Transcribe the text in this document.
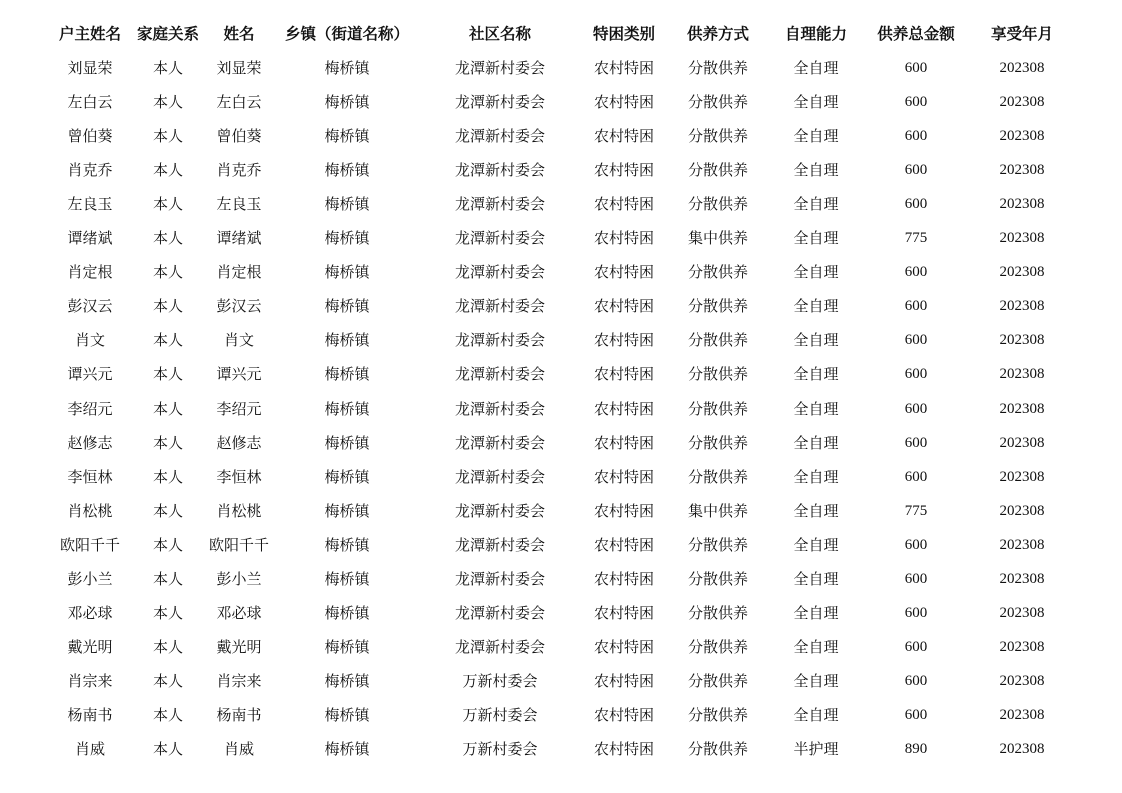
户主姓名	家庭关系	姓名	乡镇（街道名称）	社区名称	特困类别	供养方式	自理能力	供养总金额	享受年月
刘显荣	本人	刘显荣	梅桥镇	龙潭新村委会	农村特困	分散供养	全自理	600	202308
左白云	本人	左白云	梅桥镇	龙潭新村委会	农村特困	分散供养	全自理	600	202308
曾伯葵	本人	曾伯葵	梅桥镇	龙潭新村委会	农村特困	分散供养	全自理	600	202308
肖克乔	本人	肖克乔	梅桥镇	龙潭新村委会	农村特困	分散供养	全自理	600	202308
左良玉	本人	左良玉	梅桥镇	龙潭新村委会	农村特困	分散供养	全自理	600	202308
谭绪斌	本人	谭绪斌	梅桥镇	龙潭新村委会	农村特困	集中供养	全自理	775	202308
肖定根	本人	肖定根	梅桥镇	龙潭新村委会	农村特困	分散供养	全自理	600	202308
彭汉云	本人	彭汉云	梅桥镇	龙潭新村委会	农村特困	分散供养	全自理	600	202308
肖文	本人	肖文	梅桥镇	龙潭新村委会	农村特困	分散供养	全自理	600	202308
谭兴元	本人	谭兴元	梅桥镇	龙潭新村委会	农村特困	分散供养	全自理	600	202308
李绍元	本人	李绍元	梅桥镇	龙潭新村委会	农村特困	分散供养	全自理	600	202308
赵修志	本人	赵修志	梅桥镇	龙潭新村委会	农村特困	分散供养	全自理	600	202308
李恒林	本人	李恒林	梅桥镇	龙潭新村委会	农村特困	分散供养	全自理	600	202308
肖松桃	本人	肖松桃	梅桥镇	龙潭新村委会	农村特困	集中供养	全自理	775	202308
欧阳千千	本人	欧阳千千	梅桥镇	龙潭新村委会	农村特困	分散供养	全自理	600	202308
彭小兰	本人	彭小兰	梅桥镇	龙潭新村委会	农村特困	分散供养	全自理	600	202308
邓必球	本人	邓必球	梅桥镇	龙潭新村委会	农村特困	分散供养	全自理	600	202308
戴光明	本人	戴光明	梅桥镇	龙潭新村委会	农村特困	分散供养	全自理	600	202308
肖宗来	本人	肖宗来	梅桥镇	万新村委会	农村特困	分散供养	全自理	600	202308
杨南书	本人	杨南书	梅桥镇	万新村委会	农村特困	分散供养	全自理	600	202308
肖威	本人	肖威	梅桥镇	万新村委会	农村特困	分散供养	半护理	890	202308
